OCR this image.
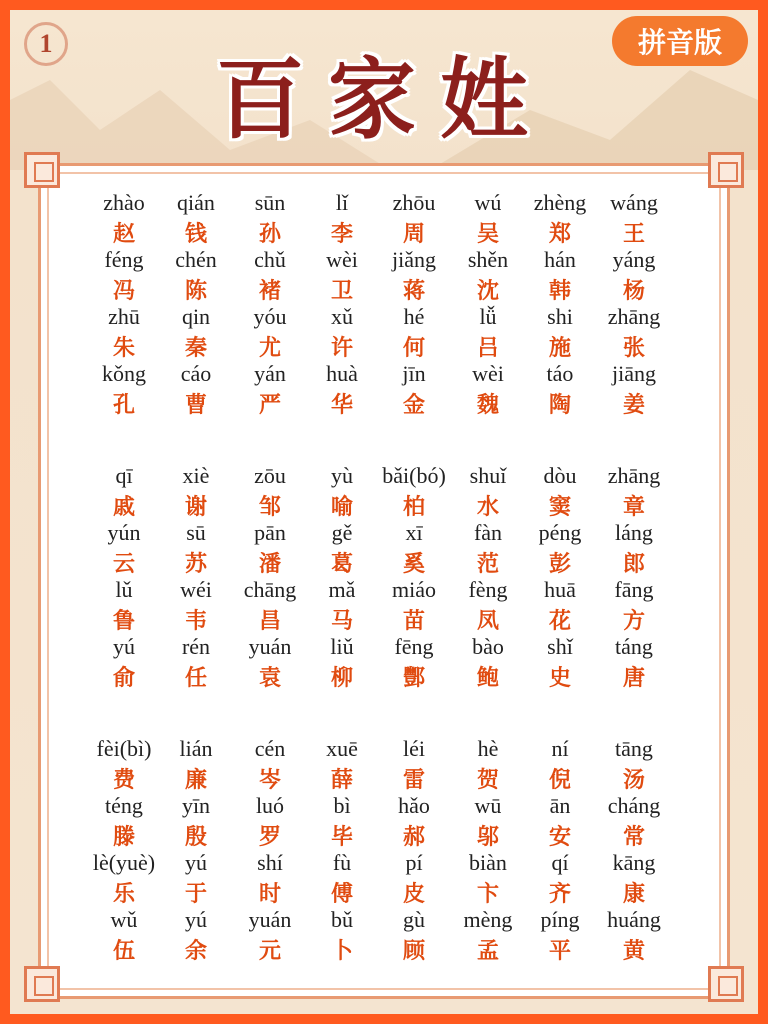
1
百家姓
拼音版
zhào
赵
qián
钱
sūn
孙
lǐ
李
zhōu
周
wú
吴
zhèng
郑
wáng
王
féng
冯
chén
陈
chǔ
褚
wèi
卫
jiǎng
蒋
shěn
沈
hán
韩
yáng
杨
zhū
朱
qin
秦
yóu
尤
xǔ
许
hé
何
lǚ
吕
shi
施
zhāng
张
kǒng
孔
cáo
曹
yán
严
huà
华
jīn
金
wèi
魏
táo
陶
jiāng
姜
qī
戚
xiè
谢
zōu
邹
yù
喻
bǎi(bó)
柏
shuǐ
水
dòu
窦
zhāng
章
yún
云
sū
苏
pān
潘
gě
葛
xī
奚
fàn
范
péng
彭
láng
郎
lǔ
鲁
wéi
韦
chāng
昌
mǎ
马
miáo
苗
fèng
凤
huā
花
fāng
方
yú
俞
rén
任
yuán
袁
liǔ
柳
fēng
酆
bào
鲍
shǐ
史
táng
唐
fèi(bì)
费
lián
廉
cén
岑
xuē
薛
léi
雷
hè
贺
ní
倪
tāng
汤
téng
滕
yīn
殷
luó
罗
bì
毕
hǎo
郝
wū
邬
ān
安
cháng
常
lè(yuè)
乐
yú
于
shí
时
fù
傅
pí
皮
biàn
卞
qí
齐
kāng
康
wǔ
伍
yú
余
yuán
元
bǔ
卜
gù
顾
mèng
孟
píng
平
huáng
黄
